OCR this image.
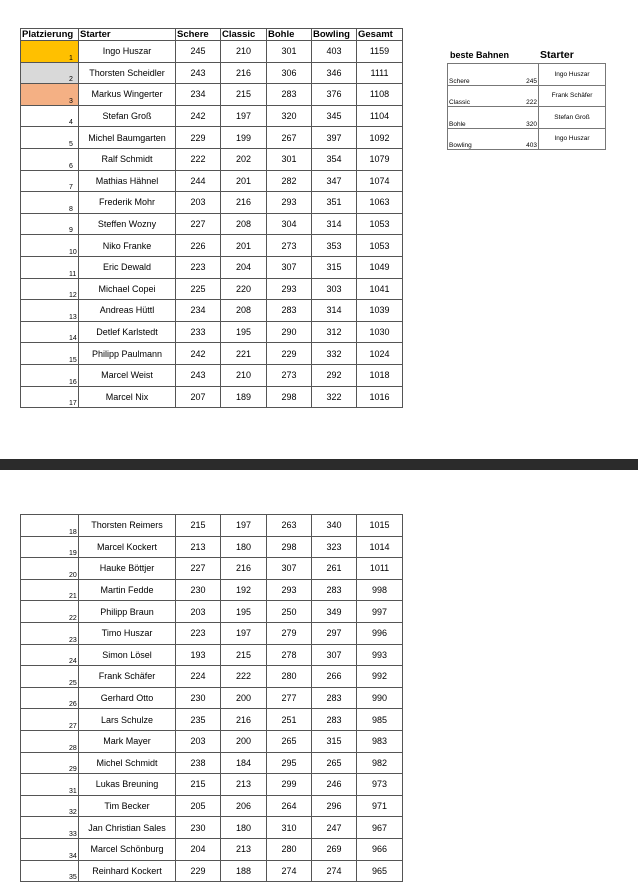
Platzierung	Starter	Schere	Classic	Bohle	Bowling	Gesamt
1	Ingo Huszar	245	210	301	403	1159
2	Thorsten Scheidler	243	216	306	346	1111
3	Markus Wingerter	234	215	283	376	1108
4	Stefan Groß	242	197	320	345	1104
5	Michel Baumgarten	229	199	267	397	1092
6	Ralf Schmidt	222	202	301	354	1079
7	Mathias Hähnel	244	201	282	347	1074
8	Frederik Mohr	203	216	293	351	1063
9	Steffen Wozny	227	208	304	314	1053
10	Niko Franke	226	201	273	353	1053
11	Eric Dewald	223	204	307	315	1049
12	Michael Copei	225	220	293	303	1041
13	Andreas Hüttl	234	208	283	314	1039
14	Detlef Karlstedt	233	195	290	312	1030
15	Philipp Paulmann	242	221	229	332	1024
16	Marcel Weist	243	210	273	292	1018
17	Marcel Nix	207	189	298	322	1016
beste Bahnen	Starter
Schere 245	Ingo Huszar

Classic 222	Frank Schäfer

Bohle 320	Stefan Groß

Bowling 403	Ingo Huszar
18	Thorsten Reimers	215	197	263	340	1015
19	Marcel Kockert	213	180	298	323	1014
20	Hauke Böttjer	227	216	307	261	1011
21	Martin Fedde	230	192	293	283	998
22	Philipp Braun	203	195	250	349	997
23	Timo Huszar	223	197	279	297	996
24	Simon Lösel	193	215	278	307	993
25	Frank Schäfer	224	222	280	266	992
26	Gerhard Otto	230	200	277	283	990
27	Lars Schulze	235	216	251	283	985
28	Mark Mayer	203	200	265	315	983
29	Michel Schmidt	238	184	295	265	982
31	Lukas Breuning	215	213	299	246	973
32	Tim Becker	205	206	264	296	971
33	Jan Christian Sales	230	180	310	247	967
34	Marcel Schönburg	204	213	280	269	966
35	Reinhard Kockert	229	188	274	274	965
